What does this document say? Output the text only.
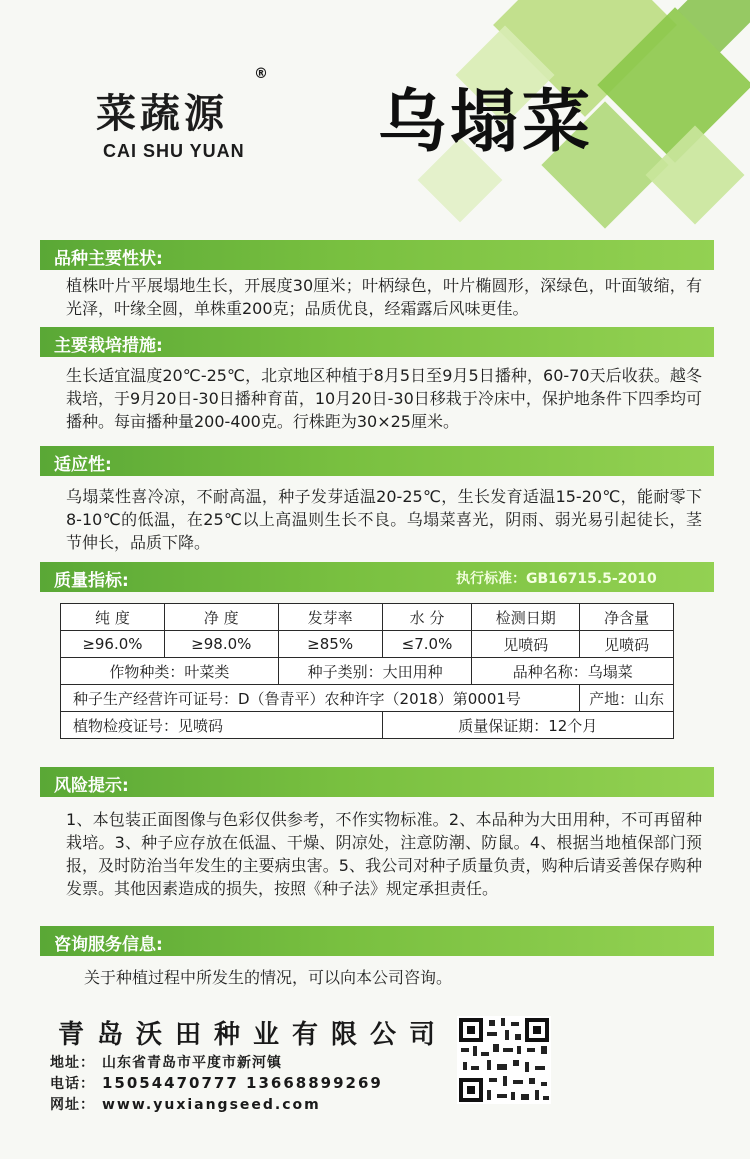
菜蔬源
®
CAI SHU YUAN 乌塌菜
品种主要性状:
植株叶片平展塌地生长，开展度30厘米；叶柄绿色，叶片椭圆形，深绿色，叶面皱缩，有光泽，叶缘全圆，单株重200克；品质优良，经霜露后风味更佳。
主要栽培措施:
生长适宜温度20℃-25℃，北京地区种植于8月5日至9月5日播种，60-70天后收获。越冬栽培，于9月20日-30日播种育苗，10月20日-30日移栽于冷床中，保护地条件下四季均可播种。每亩播种量200-400克。行株距为30×25厘米。
适应性:
乌塌菜性喜冷凉，不耐高温，种子发芽适温20-25℃，生长发育适温15-20℃，能耐零下8-10℃的低温，在25℃以上高温则生长不良。乌塌菜喜光，阴雨、弱光易引起徒长，茎节伸长，品质下降。
质量指标:	执行标准：GB16715.5-2010
纯 度	净 度	发芽率	水 分	检测日期	净含量
≥96.0%	≥98.0%	≥85%	≤7.0%	见喷码	见喷码
作物种类：叶菜类		种子类别：大田用种		品种名称：乌塌菜	
种子生产经营许可证号：D（鲁青平）农种许字（2018）第0001号					产地：山东
植物检疫证号：见喷码			质量保证期：12个月		
风险提示:
1、本包装正面图像与色彩仅供参考，不作实物标准。2、本品种为大田用种，不可再留种栽培。3、种子应存放在低温、干燥、阴凉处，注意防潮、防鼠。4、根据当地植保部门预报，及时防治当年发生的主要病虫害。5、我公司对种子质量负责，购种后请妥善保存购种发票。其他因素造成的损失，按照《种子法》规定承担责任。
咨询服务信息:
关于种植过程中所发生的情况，可以向本公司咨询。
青岛沃田种业有限公司
地址： 山东省青岛市平度市新河镇
电话： 15054470777 13668899269
网址： www.yuxiangseed.com
